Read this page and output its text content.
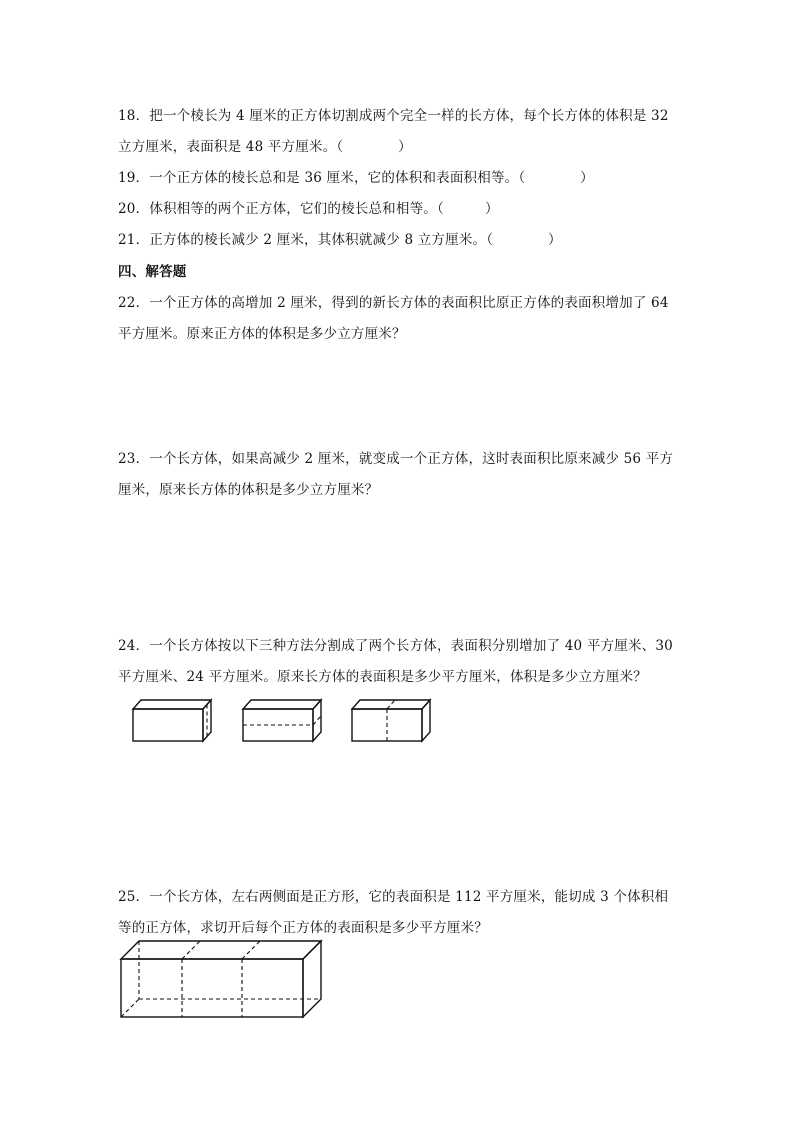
18．把一个棱长为 4 厘米的正方体切割成两个完全一样的长方体，每个长方体的体积是 32
立方厘米，表面积是 48 平方厘米。（　　　　）
19．一个正方体的棱长总和是 36 厘米，它的体积和表面积相等。（　　　　）
20．体积相等的两个正方体，它们的棱长总和相等。（　　　）
21．正方体的棱长减少 2 厘米，其体积就减少 8 立方厘米。（　　　　）
四、解答题
22．一个正方体的高增加 2 厘米，得到的新长方体的表面积比原正方体的表面积增加了 64
平方厘米。原来正方体的体积是多少立方厘米？
23．一个长方体，如果高减少 2 厘米，就变成一个正方体，这时表面积比原来减少 56 平方
厘米，原来长方体的体积是多少立方厘米？
24．一个长方体按以下三种方法分割成了两个长方体，表面积分别增加了 40 平方厘米、30
平方厘米、24 平方厘米。原来长方体的表面积是多少平方厘米，体积是多少立方厘米？
25．一个长方体，左右两侧面是正方形，它的表面积是 112 平方厘米，能切成 3 个体积相
等的正方体，求切开后每个正方体的表面积是多少平方厘米？
